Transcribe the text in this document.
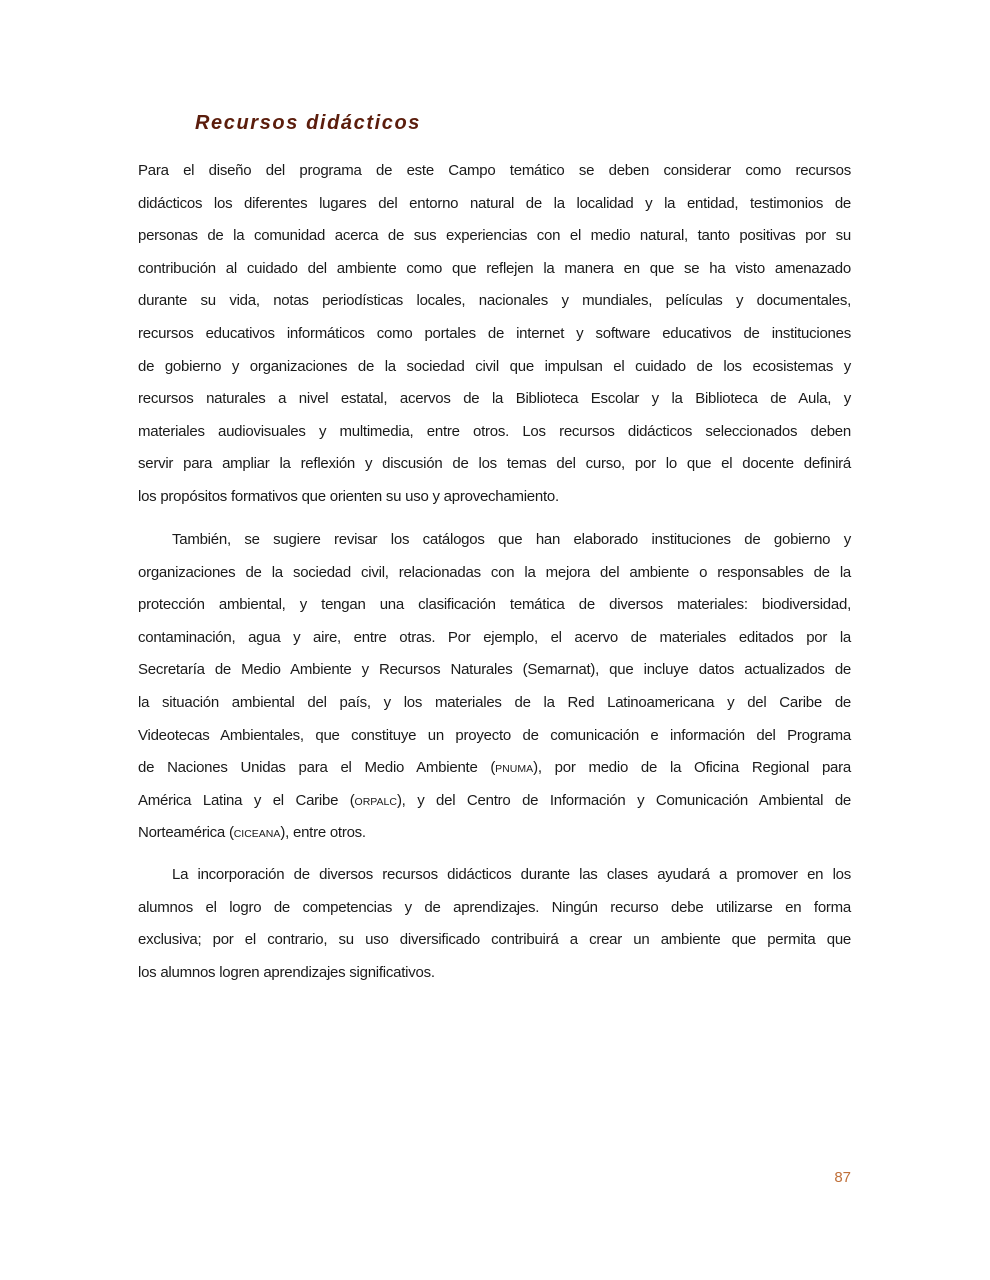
Recursos didácticos
Para el diseño del programa de este Campo temático se deben considerar como recursos
didácticos los diferentes lugares del entorno natural de la localidad y la entidad, testimonios de
personas de la comunidad acerca de sus experiencias con el medio natural, tanto positivas por su
contribución al cuidado del ambiente como que reflejen la manera en que se ha visto amenazado
durante su vida, notas periodísticas locales, nacionales y mundiales, películas y documentales,
recursos educativos informáticos como portales de internet y software educativos de instituciones
de gobierno y organizaciones de la sociedad civil que impulsan el cuidado de los ecosistemas y
recursos naturales a nivel estatal, acervos de la Biblioteca Escolar y la Biblioteca de Aula, y
materiales audiovisuales y multimedia, entre otros. Los recursos didácticos seleccionados deben
servir para ampliar la reflexión y discusión de los temas del curso, por lo que el docente definirá
los propósitos formativos que orienten su uso y aprovechamiento.
También, se sugiere revisar los catálogos que han elaborado instituciones de gobierno y
organizaciones de la sociedad civil, relacionadas con la mejora del ambiente o responsables de la
protección ambiental, y tengan una clasificación temática de diversos materiales: biodiversidad,
contaminación, agua y aire, entre otras. Por ejemplo, el acervo de materiales editados por la
Secretaría de Medio Ambiente y Recursos Naturales (Semarnat), que incluye datos actualizados de
la situación ambiental del país, y los materiales de la Red Latinoamericana y del Caribe de
Videotecas Ambientales, que constituye un proyecto de comunicación e información del Programa
de Naciones Unidas para el Medio Ambiente (PNUMA), por medio de la Oficina Regional para
América Latina y el Caribe (ORPALC), y del Centro de Información y Comunicación Ambiental de
Norteamérica (CICEANA), entre otros.
La incorporación de diversos recursos didácticos durante las clases ayudará a promover en los
alumnos el logro de competencias y de aprendizajes. Ningún recurso debe utilizarse en forma
exclusiva; por el contrario, su uso diversificado contribuirá a crear un ambiente que permita que
los alumnos logren aprendizajes significativos.
87
